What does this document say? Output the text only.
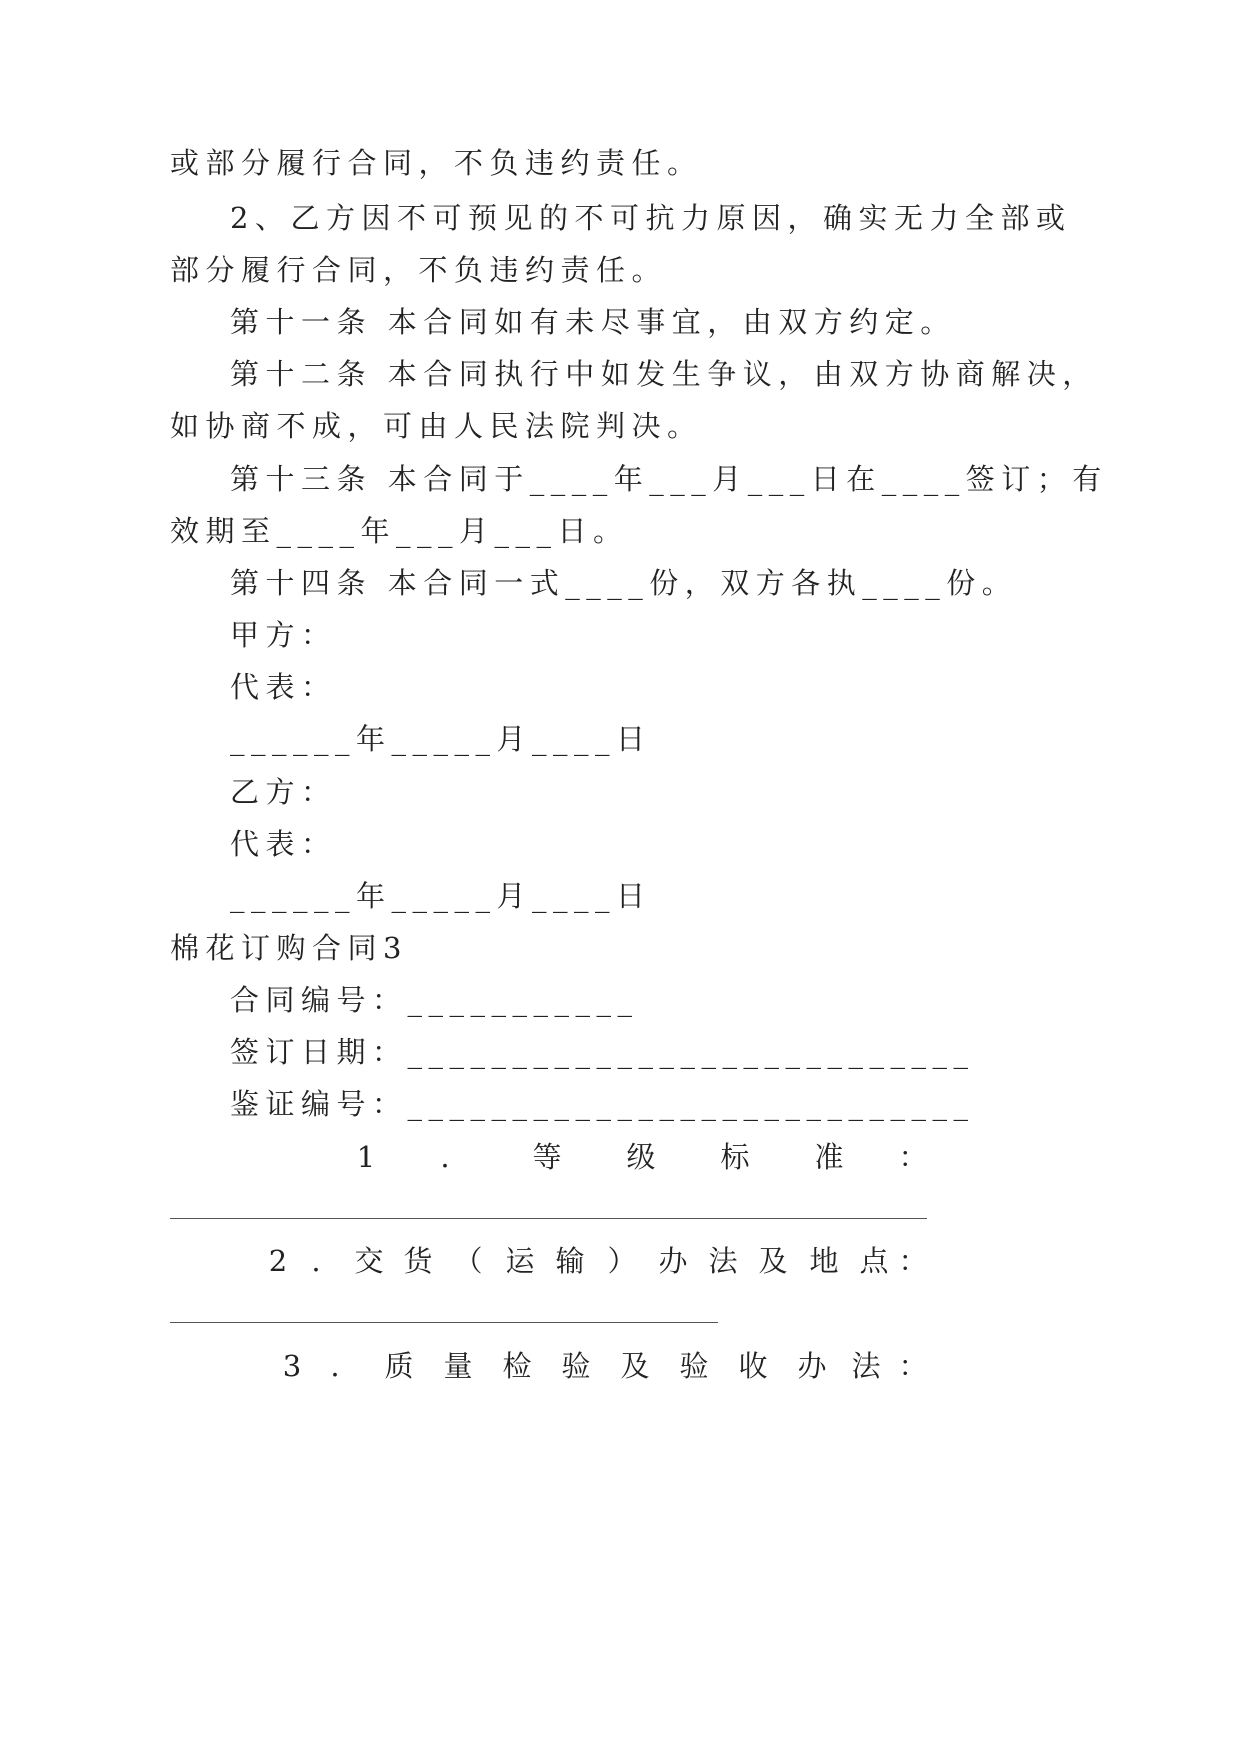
或部分履行合同，不负违约责任。
2、乙方因不可预见的不可抗力原因，确实无力全部或
部分履行合同，不负违约责任。
第十一条 本合同如有未尽事宜，由双方约定。
第十二条 本合同执行中如发生争议，由双方协商解决，
如协商不成，可由人民法院判决。
第十三条 本合同于____年___月___日在____签订；有
效期至____年___月___日。
第十四条 本合同一式____份，双方各执____份。
甲方：
代表：
______年_____月____日
乙方：
代表：
______年_____月____日
棉花订购合同3
合同编号：___________
签订日期：___________________________
鉴证编号：___________________________
1 .	等 级 标 准 ：
2 . 交 货 （ 运 输 ） 办 法 及 地 点 ：
3 . 质 量 检 验 及 验 收 办 法 ：
